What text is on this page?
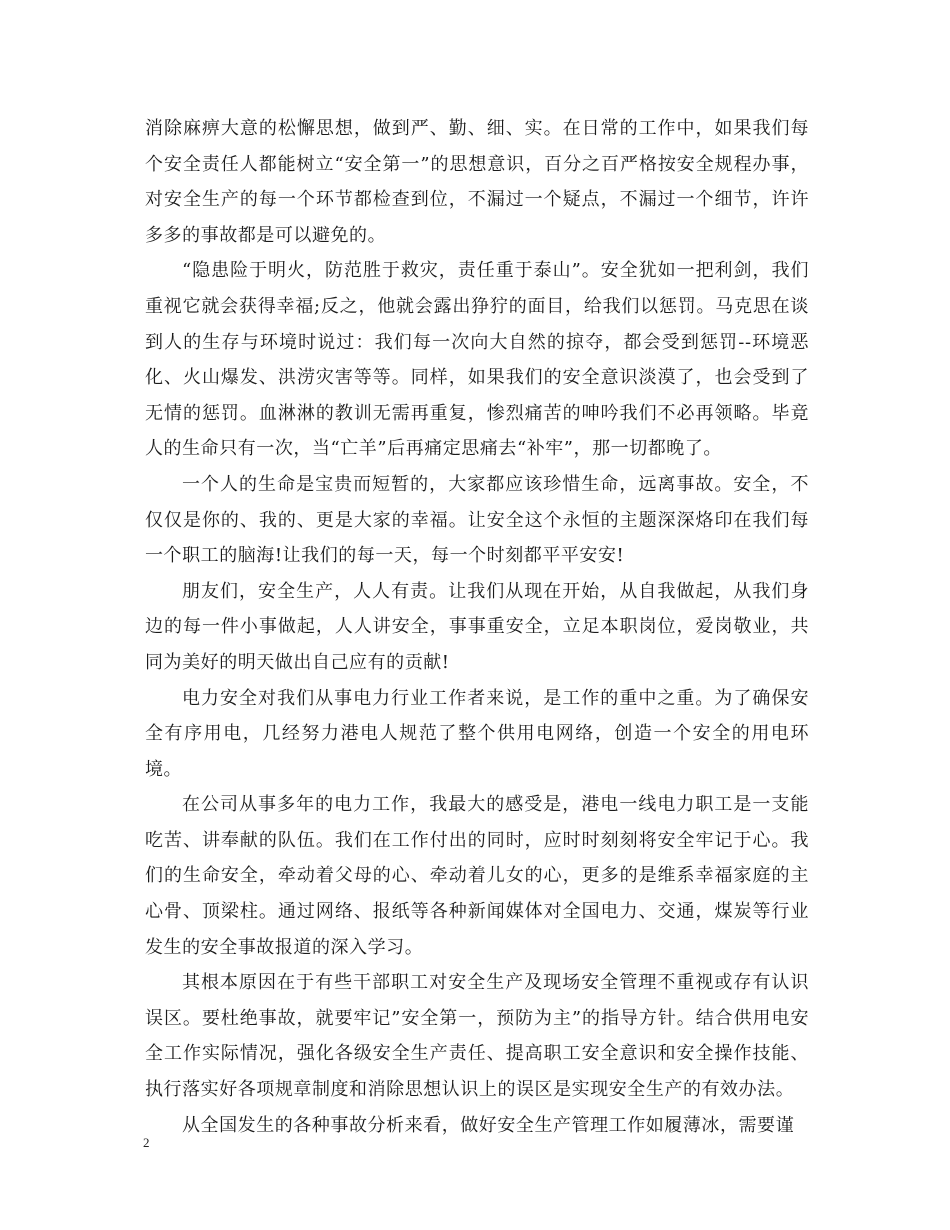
消除麻痹大意的松懈思想，做到严、勤、细、实。在日常的工作中，如果我们每个安全责任人都能树立“安全第一”的思想意识，百分之百严格按安全规程办事，对安全生产的每一个环节都检查到位，不漏过一个疑点，不漏过一个细节，许许多多的事故都是可以避免的。

“隐患险于明火，防范胜于救灾，责任重于泰山”。安全犹如一把利剑，我们重视它就会获得幸福;反之，他就会露出狰狞的面目，给我们以惩罚。马克思在谈到人的生存与环境时说过：我们每一次向大自然的掠夺，都会受到惩罚--环境恶化、火山爆发、洪涝灾害等等。同样，如果我们的安全意识淡漠了，也会受到了无情的惩罚。血淋淋的教训无需再重复，惨烈痛苦的呻吟我们不必再领略。毕竟人的生命只有一次，当“亡羊”后再痛定思痛去“补牢”，那一切都晚了。

一个人的生命是宝贵而短暂的，大家都应该珍惜生命，远离事故。安全，不仅仅是你的、我的、更是大家的幸福。让安全这个永恒的主题深深烙印在我们每一个职工的脑海!让我们的每一天，每一个时刻都平平安安!

朋友们，安全生产，人人有责。让我们从现在开始，从自我做起，从我们身边的每一件小事做起，人人讲安全，事事重安全，立足本职岗位，爱岗敬业，共同为美好的明天做出自己应有的贡献!

电力安全对我们从事电力行业工作者来说，是工作的重中之重。为了确保安全有序用电，几经努力港电人规范了整个供用电网络，创造一个安全的用电环境。

在公司从事多年的电力工作，我最大的感受是，港电一线电力职工是一支能吃苦、讲奉献的队伍。我们在工作付出的同时，应时时刻刻将安全牢记于心。我们的生命安全，牵动着父母的心、牵动着儿女的心，更多的是维系幸福家庭的主心骨、顶梁柱。通过网络、报纸等各种新闻媒体对全国电力、交通，煤炭等行业发生的安全事故报道的深入学习。

其根本原因在于有些干部职工对安全生产及现场安全管理不重视或存有认识误区。要杜绝事故，就要牢记”安全第一，预防为主”的指导方针。结合供用电安全工作实际情况，强化各级安全生产责任、提高职工安全意识和安全操作技能、执行落实好各项规章制度和消除思想认识上的误区是实现安全生产的有效办法。

从全国发生的各种事故分析来看，做好安全生产管理工作如履薄冰，需要谨

2
